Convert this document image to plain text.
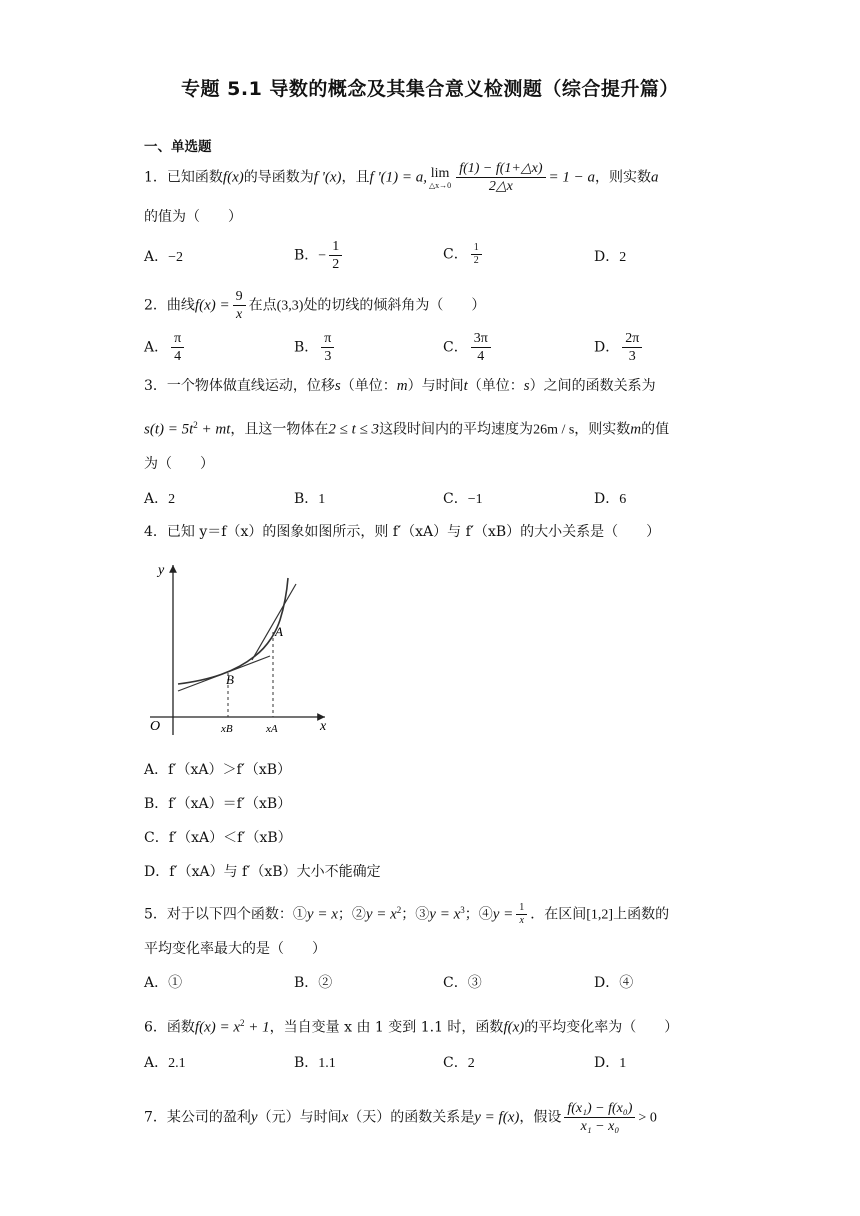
专题 5.1 导数的概念及其集合意义检测题（综合提升篇）
一、单选题
1．已知函数f(x)的导函数为f '(x)，且f '(1) = a, lim
△x→0 $\frac{f(1) - f(1+\triangle x)}{2\triangle x} = 1 - a$，则实数a
的值为（　　）
A．−2	B．− $\frac{1}{2}$	C． $\frac{1}{2}$	D．2
2．曲线$f(x) = \frac{9}{x}$ 在点(3,3)处的切线的倾斜角为（　　）
A． $\frac{\pi}{4}$	B． $\frac{\pi}{3}$	C． $\frac{3\pi}{4}$	D． $\frac{2\pi}{3}$
3．一个物体做直线运动，位移s（单位：m）与时间t（单位：s）之间的函数关系为
$s(t) = 5t^2$ + mt，且这一物体在2 ≤ t ≤ 3这段时间内的平均速度为26m / s，则实数m的值
为（　　）
A．2	B．1	C．−1	D．6
4．已知 y＝f（x）的图象如图所示，则 f′（xA）与 f′（xB）的大小关系是（　　）
y
x
O
A
B
xB	xA
A．f′（xA）＞f′（xB）
B．f′（xA）＝f′（xB）
C．f′（xA）＜f′（xB）
D．f′（xA）与 f′（xB）大小不能确定
5．对于以下四个函数：①y = x；②y = $x^2$；③y = $x^3$；④y = $\frac{1}{x}$ ．在区间[1,2]上函数的
平均变化率最大的是（　　）
A．①	B．②	C．③	D．④
6．函数$f(x) = x^2 + 1$，当自变量 x 由 1 变到 1.1 时，函数f(x)的平均变化率为（　　）
A．2.1	B．1.1	C．2	D．1
7．某公司的盈利y（元）与时间x（天）的函数关系是y = f(x)，假设 $\frac{\text{f(x₁) − f(x₀)}}{\text{x₁ − x₀}} > 0$
